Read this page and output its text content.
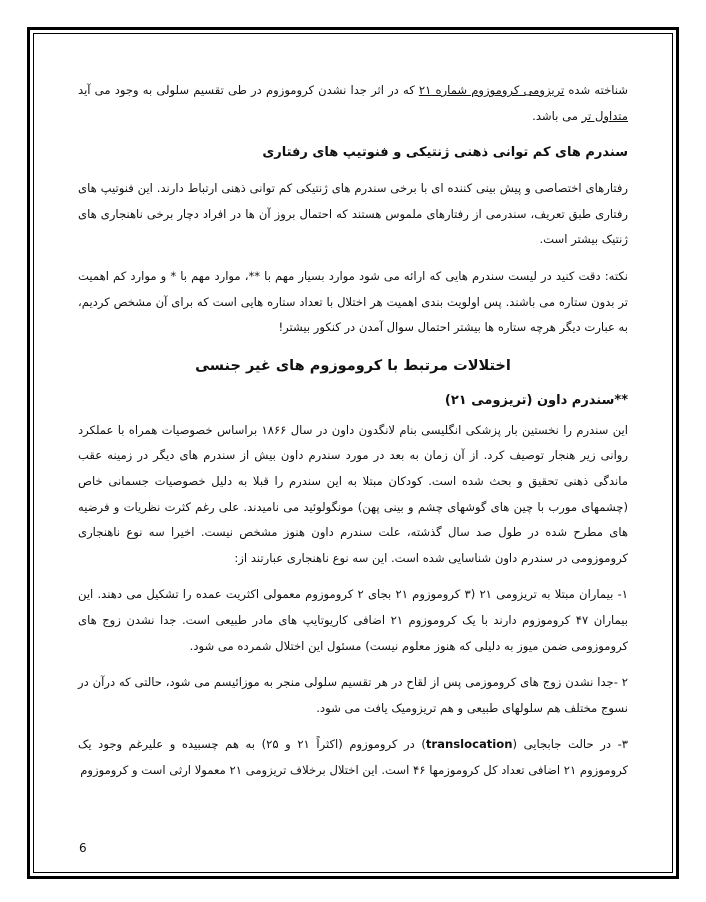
شناخته شده تریزومی کروموزوم شماره ۲۱ که در اثر جدا نشدن کروموزوم در طی تقسیم سلولی به وجود می آید متداول تر می باشد.

سندرم های کم توانی ذهنی ژنتیکی و فنوتیپ های رفتاری

رفتارهای اختصاصی و پیش بینی کننده ای با برخی سندرم های ژنتیکی کم توانی ذهنی ارتباط دارند. این فنوتیپ های رفتاری طبق تعریف، سندرمی از رفتارهای ملموس هستند که احتمال بروز آن ها در افراد دچار برخی ناهنجاری های ژنتیک بیشتر است.

نکته: دقت کنید در لیست سندرم هایی که ارائه می شود موارد بسیار مهم با **، موارد مهم با * و موارد کم اهمیت تر بدون ستاره می باشند. پس اولویت بندی اهمیت هر اختلال با تعداد ستاره هایی است که برای آن مشخص کردیم، به عبارت دیگر هرچه ستاره ها بیشتر احتمال سوال آمدن در کنکور بیشتر!

اختلالات مرتبط با کروموزوم های غیر جنسی
**سندرم داون (تریزومی ۲۱)

این سندرم را نخستین بار پزشکی انگلیسی بنام لانگدون داون در سال ۱۸۶۶ براساس خصوصیات همراه با عملکرد روانی زیر هنجار توصیف کرد. از آن زمان به بعد در مورد سندرم داون بیش از سندرم های دیگر در زمینه عقب ماندگی ذهنی تحقیق و بحث شده است. کودکان مبتلا به این سندرم را قبلا به دلیل خصوصیات جسمانی خاص (چشمهای مورب با چین های گوشهای چشم و بینی پهن) مونگولوئید می نامیدند. علی رغم کثرت نظریات و فرضیه های مطرح شده در طول صد سال گذشته، علت سندرم داون هنوز مشخص نیست. اخیرا سه نوع ناهنجاری کروموزومی در سندرم داون شناسایی شده است. این سه نوع ناهنجاری عبارتند از:

۱- بیماران مبتلا به تریزومی ۲۱ (۳ کروموزوم ۲۱ بجای ۲ کروموزوم معمولی اکثریت عمده را تشکیل می دهند. این بیماران ۴۷ کروموزوم دارند با یک کروموزوم ۲۱ اضافی کاریوتایپ های مادر طبیعی است. جدا نشدن زوج های کروموزومی ضمن میوز به دلیلی که هنوز معلوم نیست) مسئول این اختلال شمرده می شود.

۲ -جدا نشدن زوج های کروموزمی پس از لقاح در هر تقسیم سلولی منجر به موزائیسم می شود، حالتی که درآن در نسوج مختلف هم سلولهای طبیعی و هم تریزومیک یافت می شود.

۳- در حالت جابجایی (translocation) در کروموزوم (اکثراً ۲۱ و ۲۵) به هم چسبیده و علیرغم وجود یک کروموزوم ۲۱ اضافی تعداد کل کروموزمها ۴۶ است. این اختلال برخلاف تریزومی ۲۱ معمولا ارثی است و کروموزوم

6
